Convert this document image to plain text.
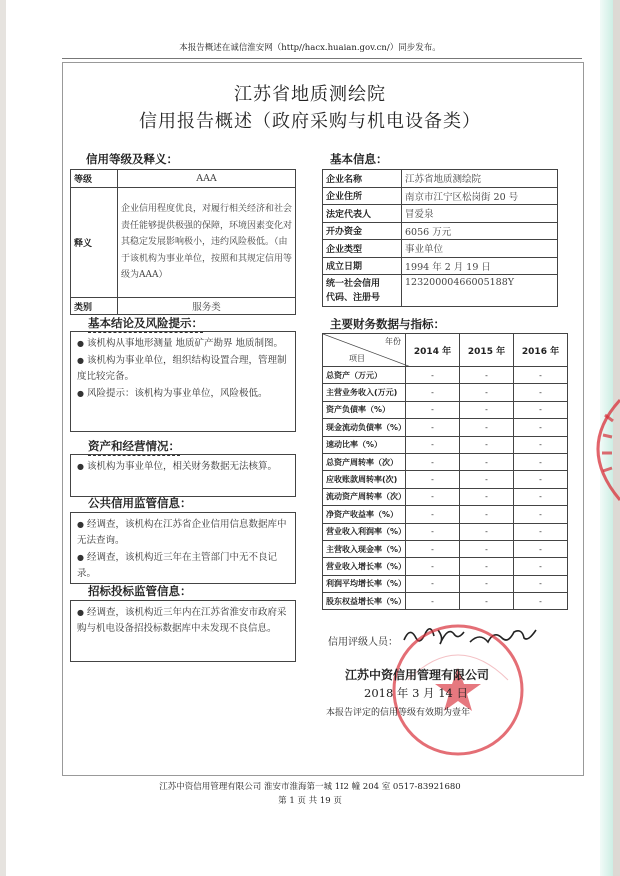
本报告概述在诚信淮安网（http//hacx.huaian.gov.cn/）同步发布。
江苏省地质测绘院
信用报告概述（政府采购与机电设备类）
信用等级及释义：
等级	AAA
释义	企业信用程度优良，对履行相关经济和社会责任能够提供极强的保障，环境因素变化对其稳定发展影响极小，违约风险极低。（由于该机构为事业单位，按照和其规定信用等级为AAA）
类别	服务类
基本信息：
企业名称	江苏省地质测绘院
企业住所	南京市江宁区松岗街 20 号
法定代表人	冒爱泉
开办资金	6056 万元
企业类型	事业单位
成立日期	1994 年 2 月 19 日

统一社会信用
代码、注册号	12320000466005188Y
基本结论及风险提示：

● 该机构从事地形测量 地质矿产勘界 地质制图。

● 该机构为事业单位，组织结构设置合理，管理制度比较完备。

● 风险提示：该机构为事业单位，风险极低。

资产和经营情况：

● 该机构为事业单位，相关财务数据无法核算。

公共信用监管信息：

● 经调查，该机构在江苏省企业信用信息数据库中无法查询。

● 经调查，该机构近三年在主管部门中无不良记录。

招标投标监管信息：

● 经调查，该机构近三年内在江苏省淮安市政府采购与机电设备招投标数据库中未发现不良信息。

主要财务数据与指标：
年份
项目	2014 年	2015 年	2016 年
总资产（万元）	-	-	-
主营业务收入(万元)	-	-	-
资产负债率（%）	-	-	-
现金流动负债率（%）	-	-	-
速动比率（%）	-	-	-
总资产周转率（次）	-	-	-
应收账款周转率(次)	-	-	-
流动资产周转率（次）	-	-	-
净资产收益率（%）	-	-	-
营业收入利润率（%）	-	-	-
主营收入现金率（%）	-	-	-
营业收入增长率（%）	-	-	-
利润平均增长率（%）	-	-	-
股东权益增长率（%）	-	-	-
信用评级人员：
江苏中资信用管理有限公司
2018 年 3 月 14 日
本报告评定的信用等级有效期为壹年
江苏中资信用管理有限公司 淮安市淮海第一城 1I2 幢 204 室 0517-83921680
第 1 页 共 19 页
